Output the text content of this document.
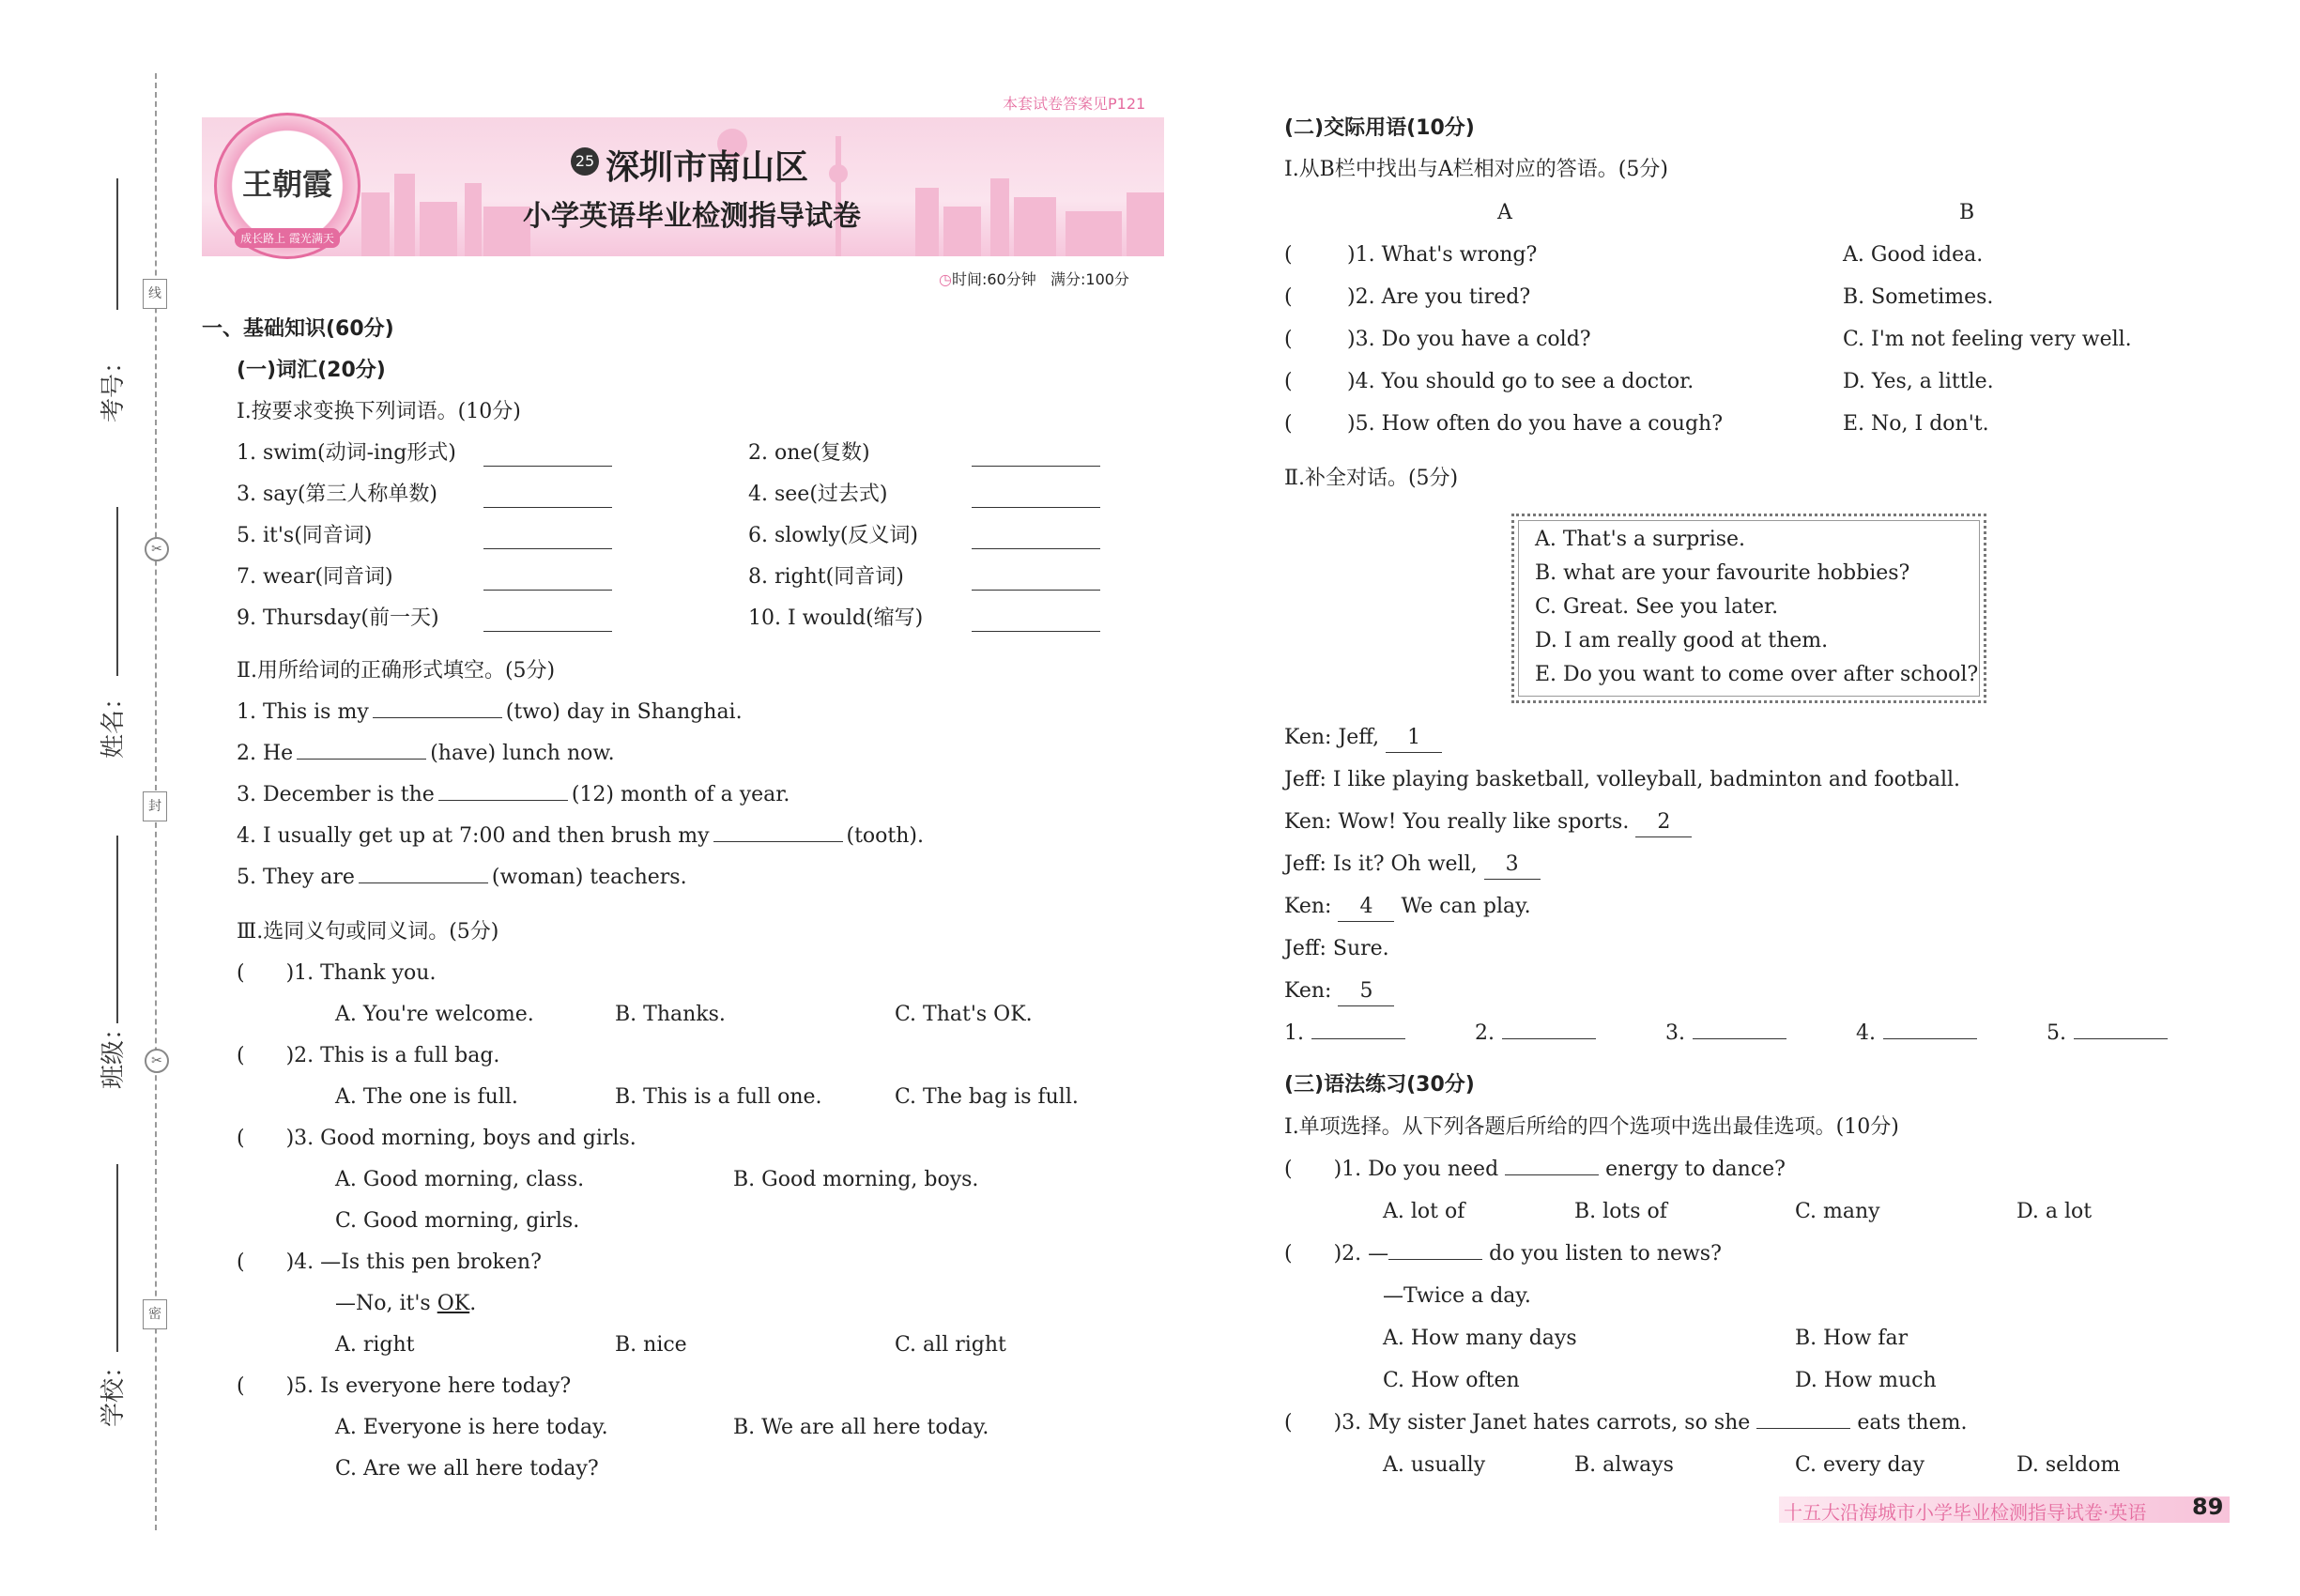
考号：
姓名：
班级：
学校：
线
✂
封
✂
密
本套试卷答案见P121
王朝霞
成长路上 霞光满天
25 深圳市南山区
小学英语毕业检测指导试卷
◷时间:60分钟 满分:100分
一、基础知识(60分)
(一)词汇(20分)
Ⅰ.按要求变换下列词语。(10分)
1. swim(动词-ing形式)	2. one(复数)
3. say(第三人称单数)	4. see(过去式)
5. it's(同音词)	6. slowly(反义词)
7. wear(同音词)	8. right(同音词)
9. Thursday(前一天)	10. I would(缩写)
Ⅱ.用所给词的正确形式填空。(5分)
1. This is my	(two) day in Shanghai.
2. He	(have) lunch now.
3. December is the	(12) month of a year.
4. I usually get up at 7:00 and then brush my	(tooth).
5. They are	(woman) teachers.
Ⅲ.选同义句或同义词。(5分)
(　　)1. Thank you.
A. You're welcome.	B. Thanks.	C. That's OK.
(　　)2. This is a full bag.
A. The one is full.	B. This is a full one.	C. The bag is full.
(　　)3. Good morning, boys and girls.
A. Good morning, class.	B. Good morning, boys.
C. Good morning, girls.
(　　)4. —Is this pen broken?
—No, it's OK.
A. right	B. nice	C. all right
(　　)5. Is everyone here today?
A. Everyone is here today.	B. We are all here today.
C. Are we all here today?
(二)交际用语(10分)
Ⅰ.从B栏中找出与A栏相对应的答语。(5分)
A	B
(	)1. What's wrong?	A. Good idea.
(	)2. Are you tired?	B. Sometimes.
(	)3. Do you have a cold?	C. I'm not feeling very well.
(	)4. You should go to see a doctor.	D. Yes, a little.
(	)5. How often do you have a cough?	E. No, I don't.
Ⅱ.补全对话。(5分)
A. That's a surprise.
B. what are your favourite hobbies?
C. Great. See you later.
D. I am really good at them.
E. Do you want to come over after school?
Ken: Jeff, 1
Jeff: I like playing basketball, volleyball, badminton and football.
Ken: Wow! You really like sports. 2
Jeff: Is it? Oh well, 3
Ken: 4 We can play.
Jeff: Sure.
Ken: 5
1.	2.	3.	4.	5.
(三)语法练习(30分)
Ⅰ.单项选择。从下列各题后所给的四个选项中选出最佳选项。(10分)
(　　)1. Do you need	energy to dance?
A. lot of	B. lots of	C. many	D. a lot
(　　)2. —	do you listen to news?
—Twice a day.
A. How many days	B. How far
C. How often	D. How much
(　　)3. My sister Janet hates carrots, so she	eats them.
A. usually	B. always	C. every day	D. seldom
十五大沿海城市小学毕业检测指导试卷·英语 89
